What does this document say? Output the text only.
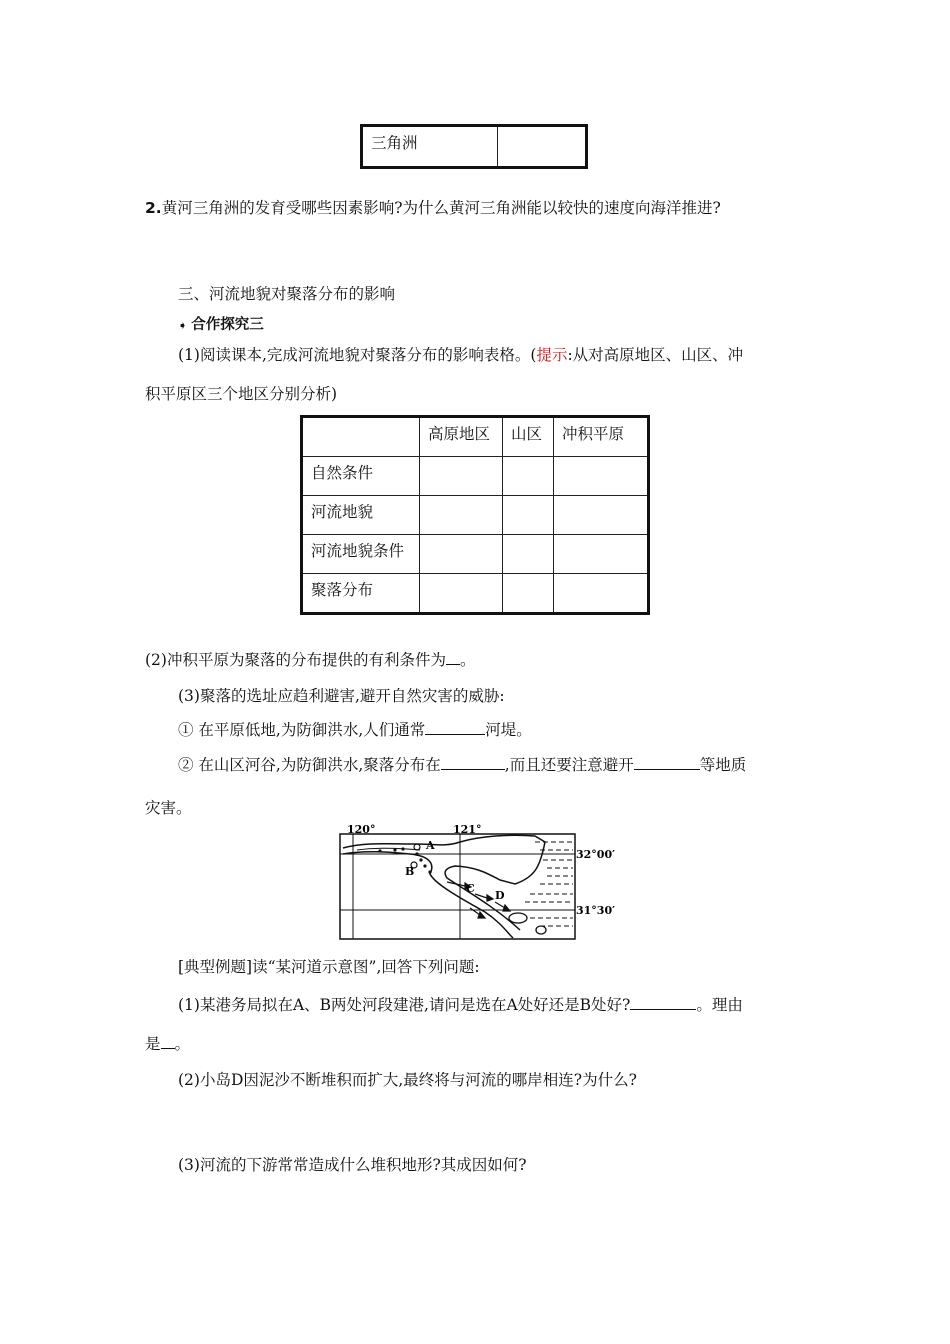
三角洲	
2.黄河三角洲的发育受哪些因素影响?为什么黄河三角洲能以较快的速度向海洋推进?
三、河流地貌对聚落分布的影响
➧ 合作探究三
(1)阅读课本,完成河流地貌对聚落分布的影响表格。(提示:从对高原地区、山区、冲
积平原区三个地区分别分析)
	高原地区	山区	冲积平原
自然条件			
河流地貌			
河流地貌条件			
聚落分布			
(2)冲积平原为聚落的分布提供的有利条件为 。
(3)聚落的选址应趋利避害,避开自然灾害的威胁:
① 在平原低地,为防御洪水,人们通常	河堤。
② 在山区河谷,为防御洪水,聚落分布在	,而且还要注意避开	等地质
灾害。
120°	121°
32°00′
31°30′
A
B
C
D
[典型例题]读“某河道示意图”,回答下列问题:
(1)某港务局拟在A、B两处河段建港,请问是选在A处好还是B处好?	。理由
是 。
(2)小岛D因泥沙不断堆积而扩大,最终将与河流的哪岸相连?为什么?
(3)河流的下游常常造成什么堆积地形?其成因如何?
